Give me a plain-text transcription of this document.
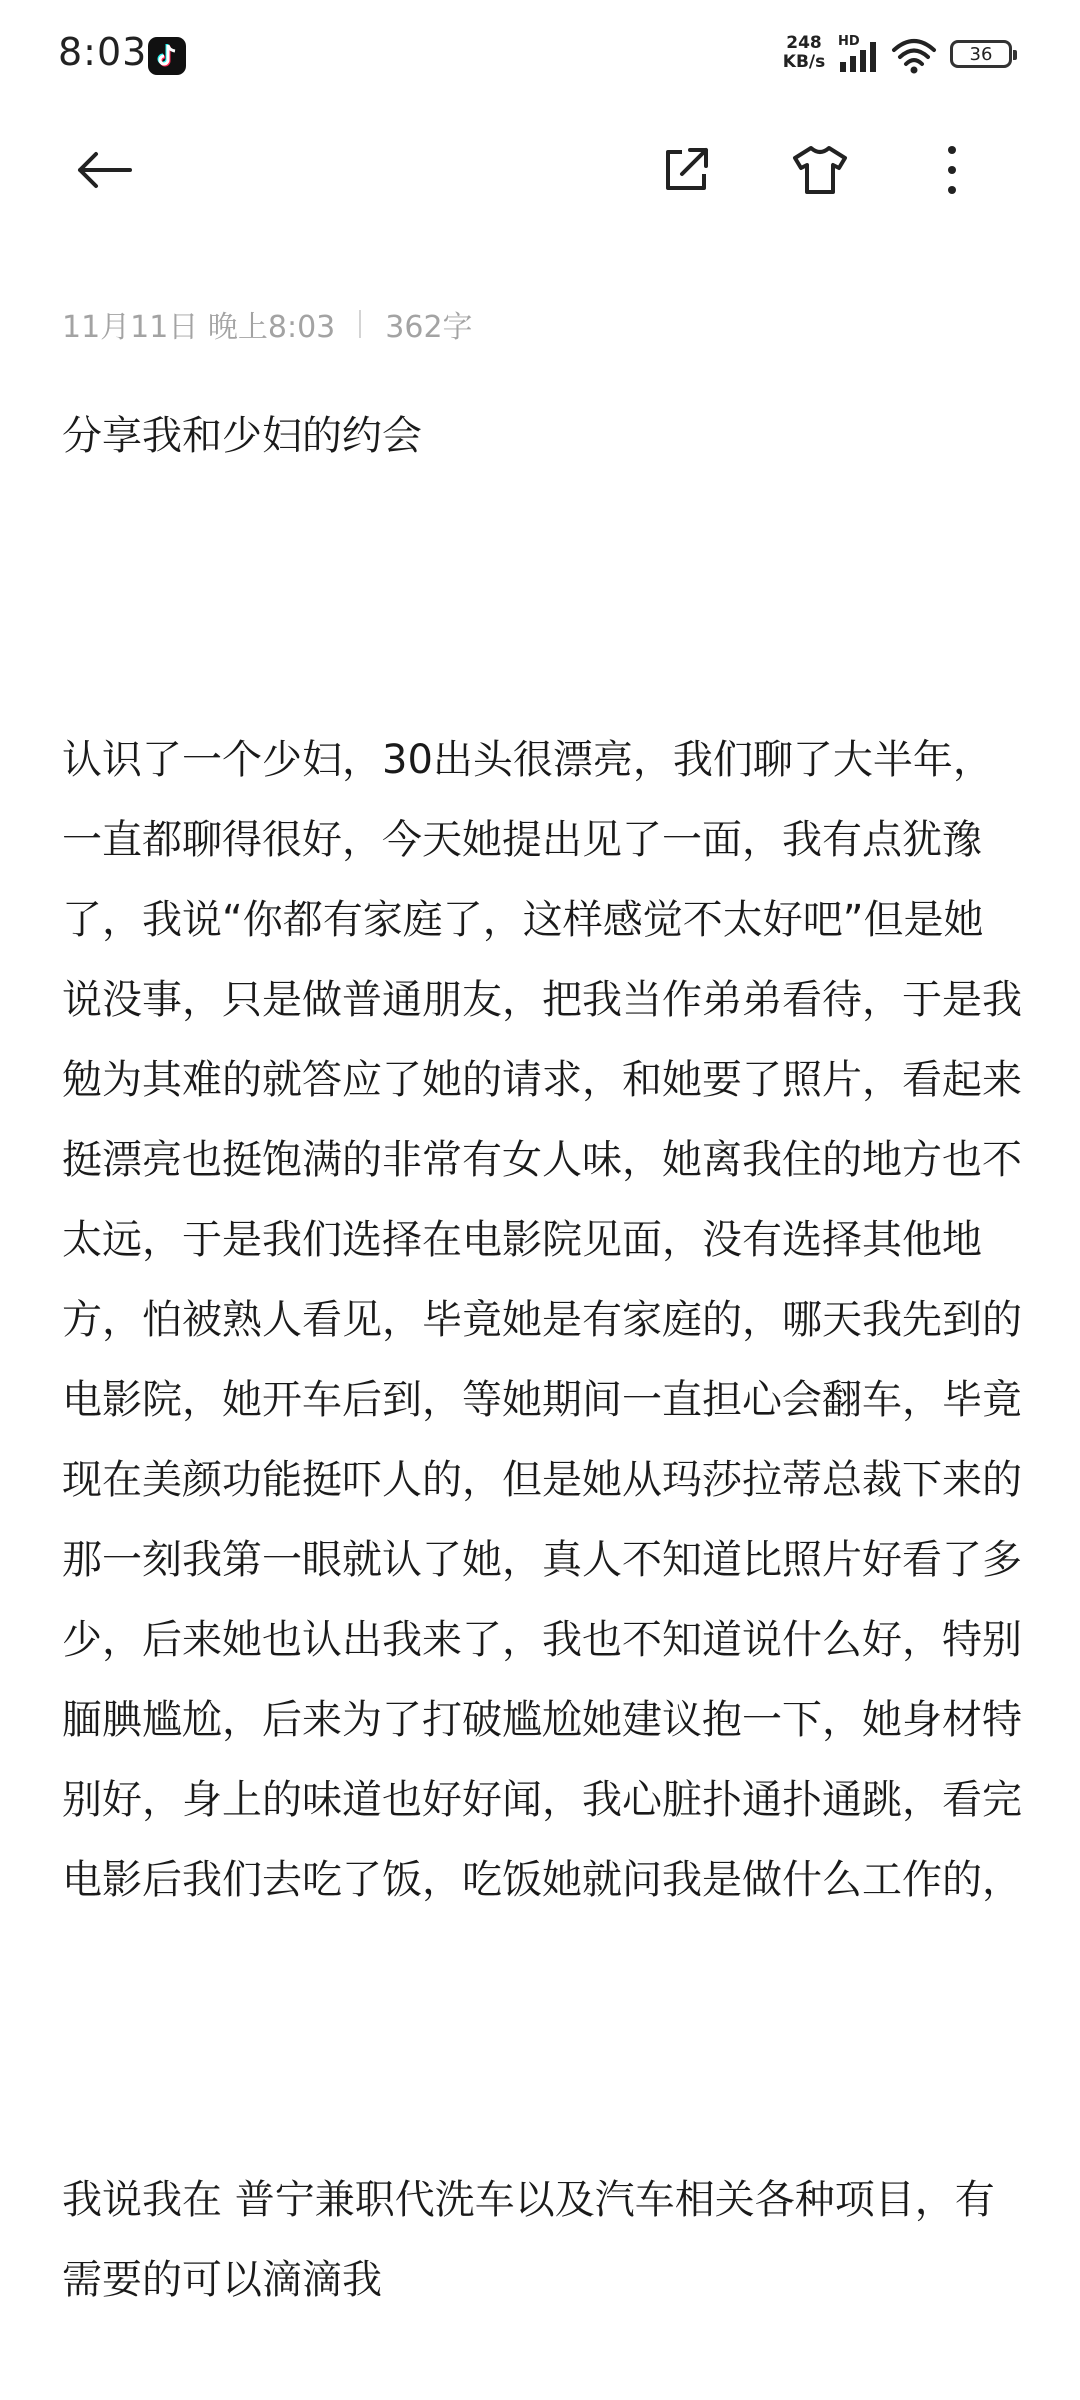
8:03	248
KB/s
HD
36
11月11日 晚上8:03 362字
分享我和少妇的约会

认识了一个少妇，30出头很漂亮，我们聊了大半年，一直都聊得很好，今天她提出见了一面，我有点犹豫了，我说“你都有家庭了，这样感觉不太好吧”但是她说没事，只是做普通朋友，把我当作弟弟看待，于是我勉为其难的就答应了她的请求，和她要了照片，看起来挺漂亮也挺饱满的非常有女人味，她离我住的地方也不太远，于是我们选择在电影院见面，没有选择其他地方，怕被熟人看见，毕竟她是有家庭的，哪天我先到的电影院，她开车后到，等她期间一直担心会翻车，毕竟现在美颜功能挺吓人的，但是她从玛莎拉蒂总裁下来的那一刻我第一眼就认了她，真人不知道比照片好看了多少，后来她也认出我来了，我也不知道说什么好，特别腼腆尴尬，后来为了打破尴尬她建议抱一下，她身材特别好，身上的味道也好好闻，我心脏扑通扑通跳，看完电影后我们去吃了饭，吃饭她就问我是做什么工作的，

我说我在 普宁兼职代洗车以及汽车相关各种项目，有需要的可以滴滴我
